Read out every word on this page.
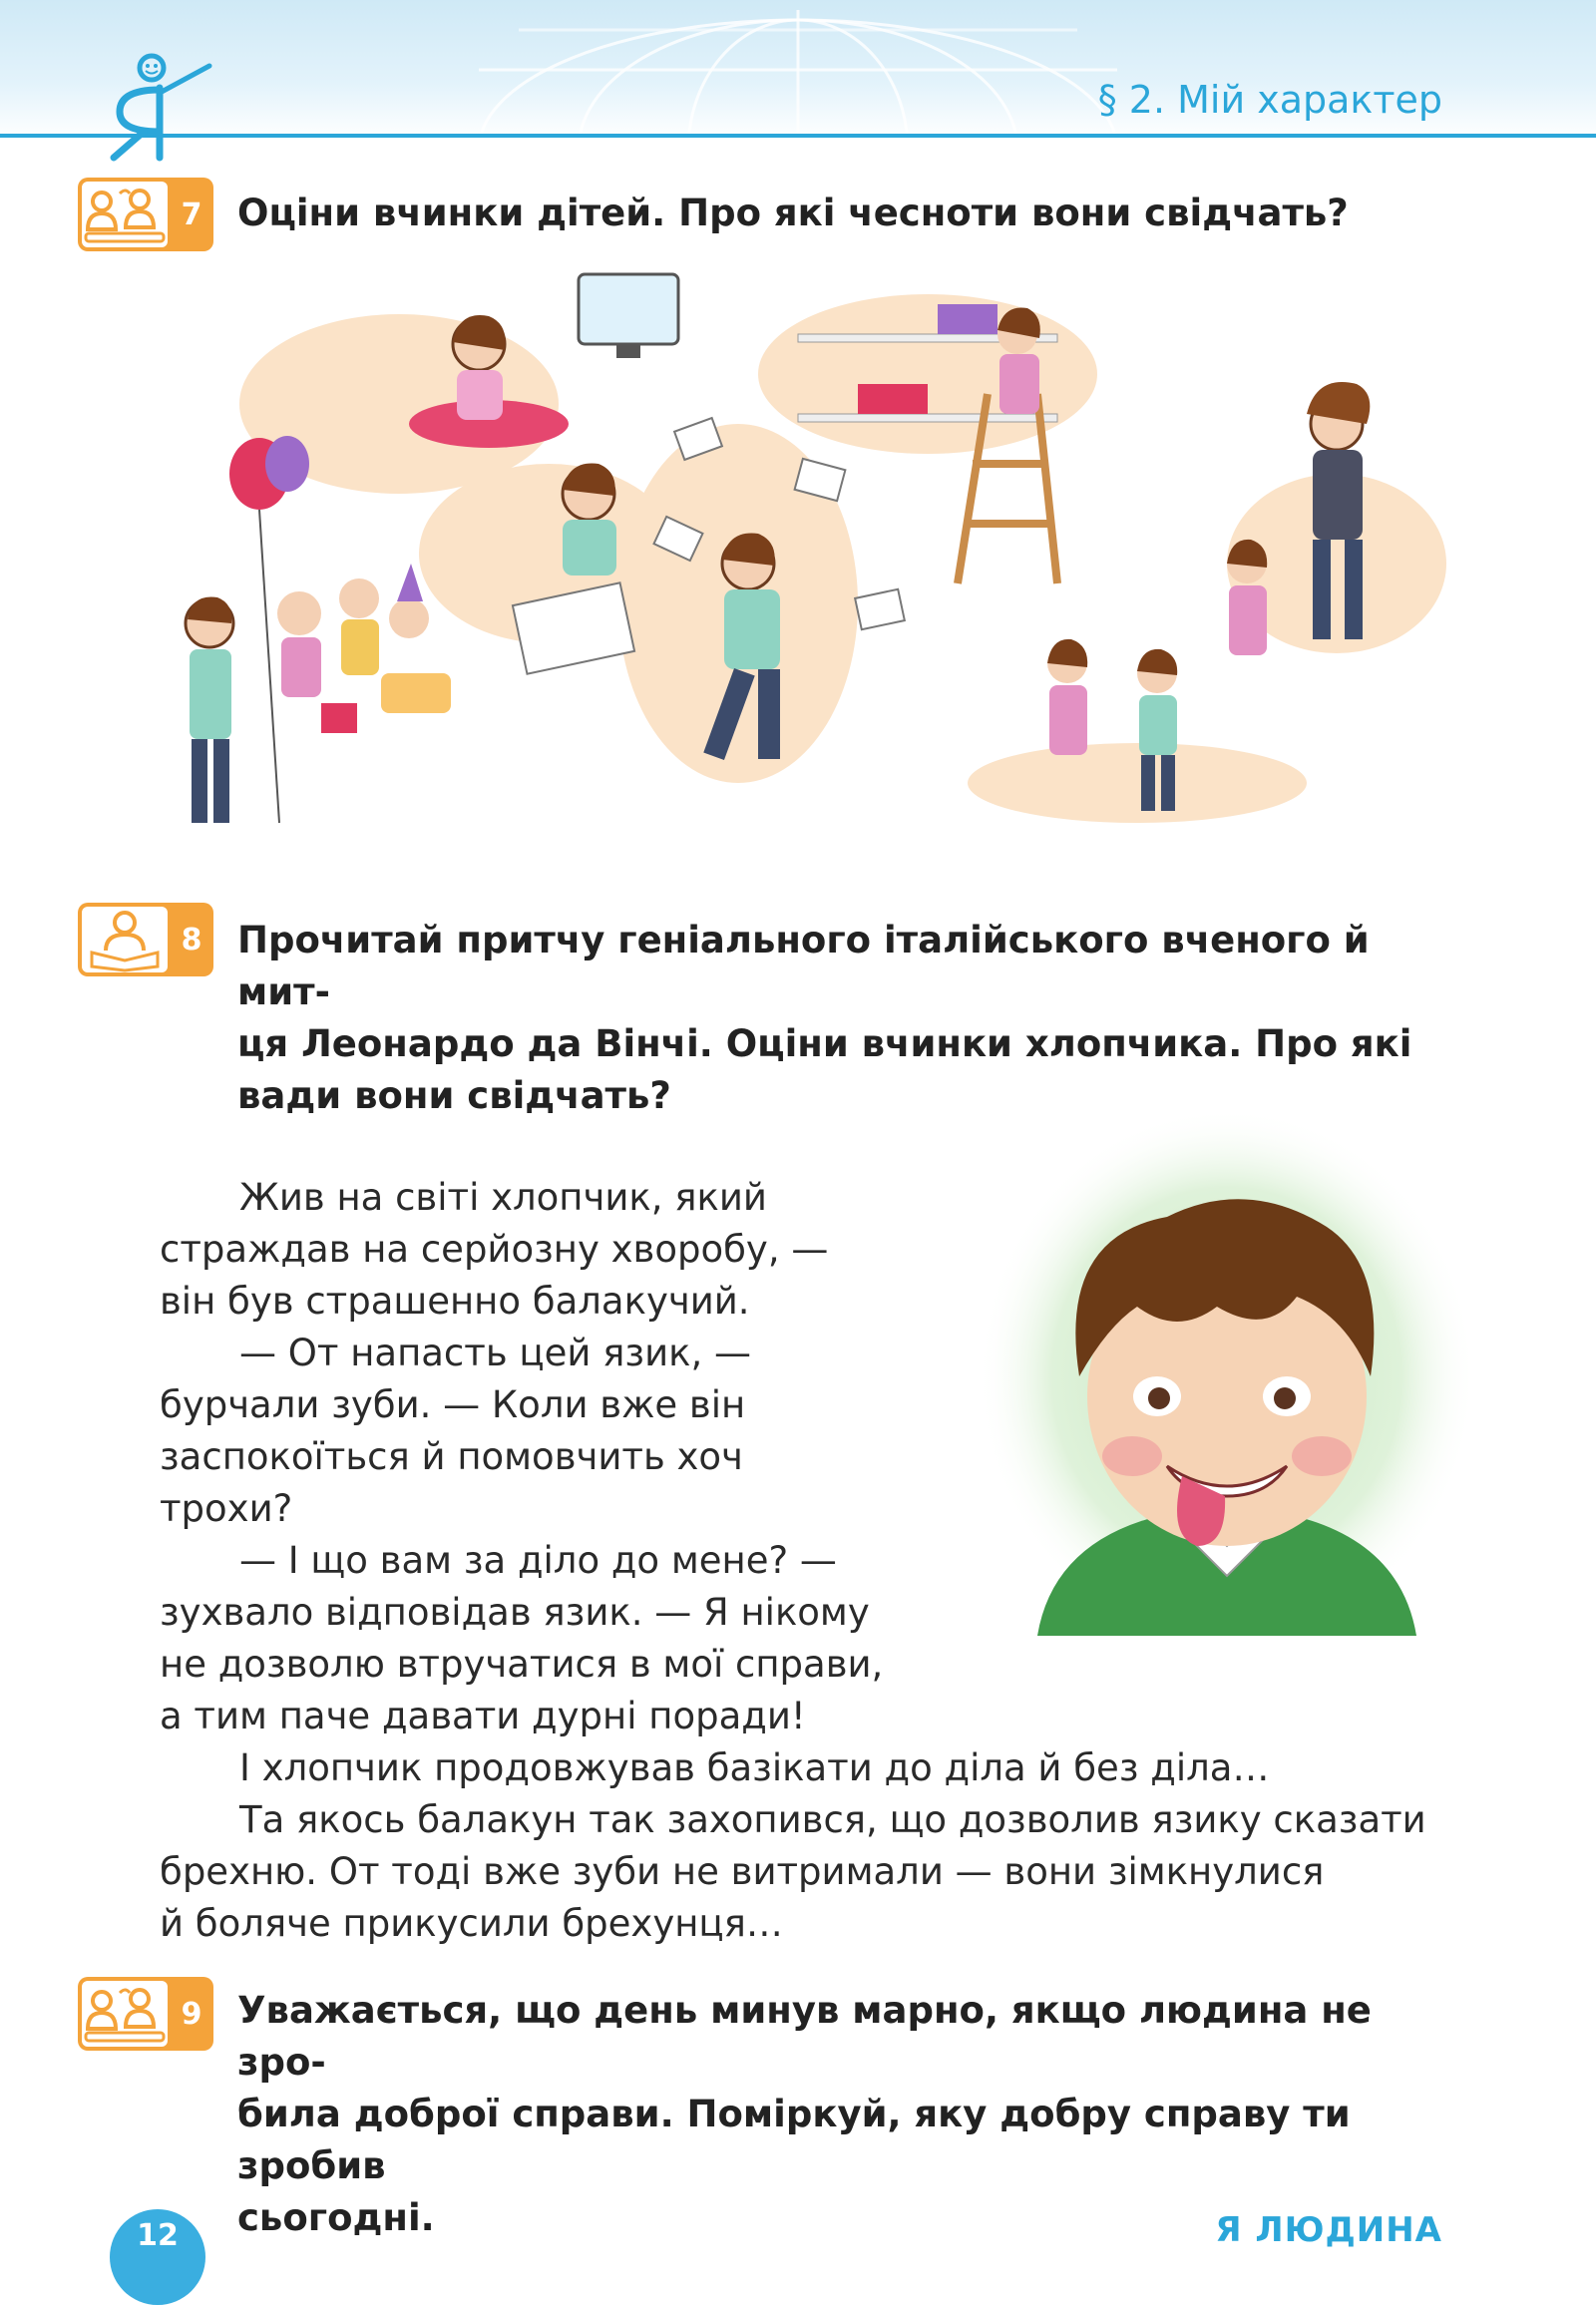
§ 2. Мій характер
7 Оціни вчинки дітей. Про які чесноти вони свідчать?
8 Прочитай притчу геніального італійського вченого й мит-
ця Леонардо да Вінчі. Оціни вчинки хлопчика. Про які
вади вони свідчать?

Жив на світі хлопчик, який

страждав на серйозну хворобу, —

він був страшенно балакучий.

— От напасть цей язик, —

бурчали зуби. — Коли вже він

заспокоїться й помовчить хоч

трохи?

— І що вам за діло до мене? —

зухвало відповідав язик. — Я нікому

не дозволю втручатися в мої справи,

а тим паче давати дурні поради!

І хлопчик продовжував базікати до діла й без діла…

Та якось балакун так захопився, що дозволив язику сказати

брехню. От тоді вже зуби не витримали — вони зімкнулися

й боляче прикусили брехунця…

9 Уважається, що день минув марно, якщо людина не зро-
била доброї справи. Поміркуй, яку добру справу ти зробив
сьогодні.
12	Я ЛЮДИНА
